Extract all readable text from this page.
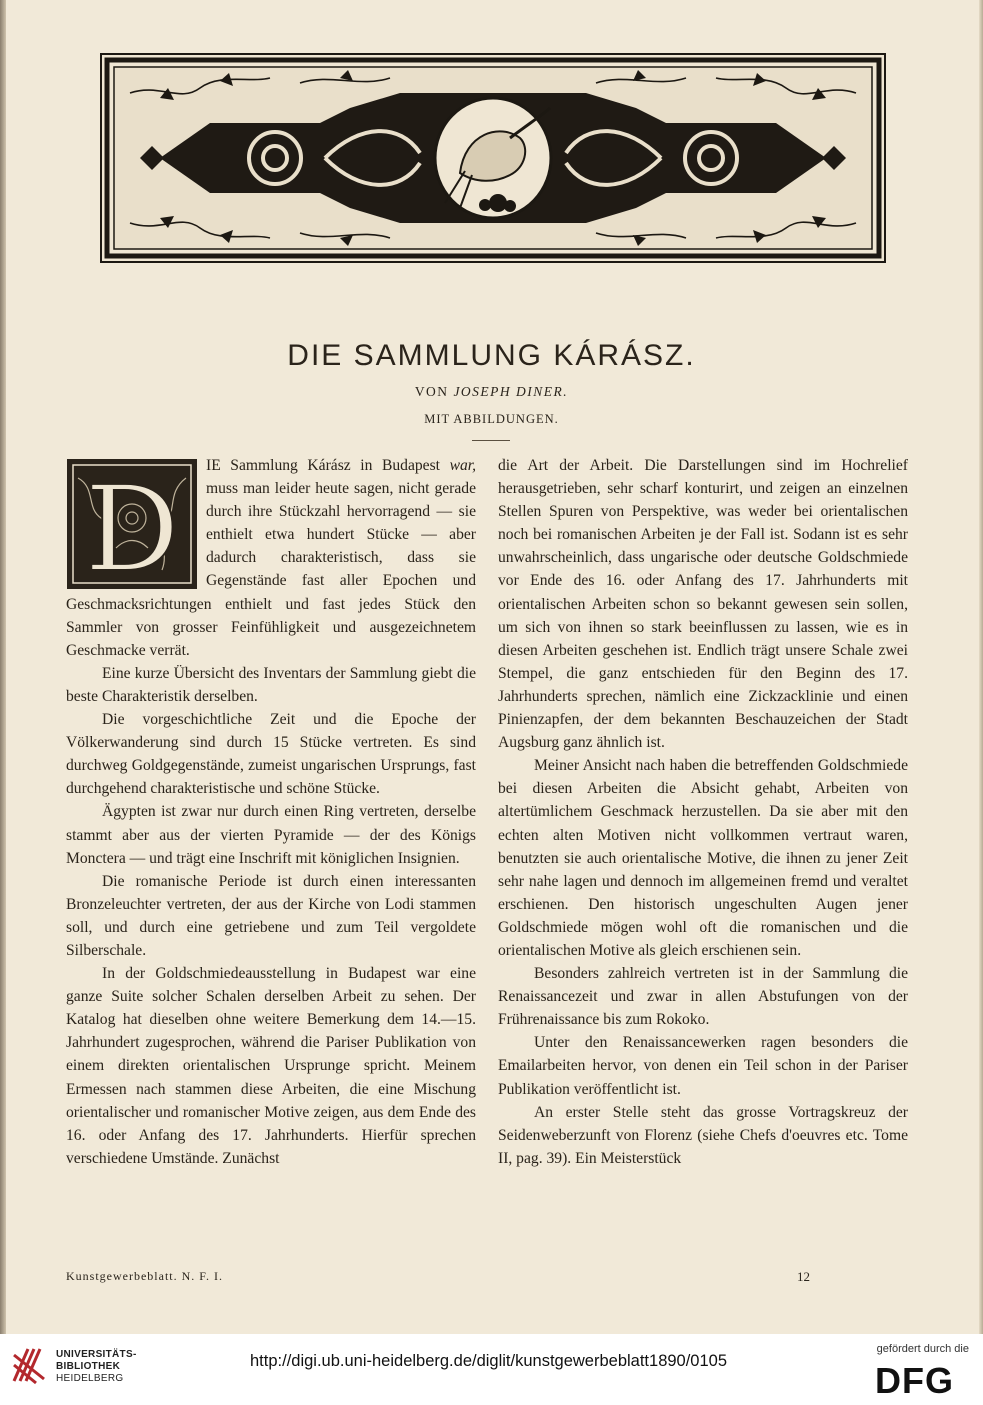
DIE SAMMLUNG KÁRÁSZ.
VON JOSEPH DINER.
MIT ABBILDUNGEN.
D	IE Sammlung Kárász in Budapest war, muss man leider heute sagen, nicht gerade durch ihre Stückzahl hervorragend — sie enthielt etwa hundert Stücke — aber dadurch charakteristisch, dass sie Gegenstände fast aller Epochen und Geschmacksrichtungen enthielt und fast jedes Stück den Sammler von grosser Feinfühligkeit und ausgezeichnetem Geschmacke verrät.

Eine kurze Übersicht des Inventars der Sammlung giebt die beste Charakteristik derselben.

Die vorgeschichtliche Zeit und die Epoche der Völkerwanderung sind durch 15 Stücke vertreten. Es sind durchweg Goldgegenstände, zumeist ungarischen Ursprungs, fast durchgehend charakteristische und schöne Stücke.

Ägypten ist zwar nur durch einen Ring vertreten, derselbe stammt aber aus der vierten Pyramide — der des Königs Monctera — und trägt eine Inschrift mit königlichen Insignien.

Die romanische Periode ist durch einen interessanten Bronzeleuchter vertreten, der aus der Kirche von Lodi stammen soll, und durch eine getriebene und zum Teil vergoldete Silberschale.

In der Goldschmiedeausstellung in Budapest war eine ganze Suite solcher Schalen derselben Arbeit zu sehen. Der Katalog hat dieselben ohne weitere Bemerkung dem 14.—15. Jahrhundert zugesprochen, während die Pariser Publikation von einem direkten orientalischen Ursprunge spricht. Meinem Ermessen nach stammen diese Arbeiten, die eine Mischung orientalischer und romanischer Motive zeigen, aus dem Ende des 16. oder Anfang des 17. Jahrhunderts. Hierfür sprechen verschiedene Umstände. Zunächst

die Art der Arbeit. Die Darstellungen sind im Hochrelief herausgetrieben, sehr scharf konturirt, und zeigen an einzelnen Stellen Spuren von Perspektive, was weder bei orientalischen noch bei romanischen Arbeiten je der Fall ist. Sodann ist es sehr unwahrscheinlich, dass ungarische oder deutsche Goldschmiede vor Ende des 16. oder Anfang des 17. Jahrhunderts mit orientalischen Arbeiten schon so bekannt gewesen sein sollen, um sich von ihnen so stark beeinflussen zu lassen, wie es in diesen Arbeiten geschehen ist. Endlich trägt unsere Schale zwei Stempel, die ganz entschieden für den Beginn des 17. Jahrhunderts sprechen, nämlich eine Zickzacklinie und einen Pinienzapfen, der dem bekannten Beschauzeichen der Stadt Augsburg ganz ähnlich ist.

Meiner Ansicht nach haben die betreffenden Goldschmiede bei diesen Arbeiten die Absicht gehabt, Arbeiten von altertümlichem Geschmack herzustellen. Da sie aber mit den echten alten Motiven nicht vollkommen vertraut waren, benutzten sie auch orientalische Motive, die ihnen zu jener Zeit sehr nahe lagen und dennoch im allgemeinen fremd und veraltet erschienen. Den historisch ungeschulten Augen jener Goldschmiede mögen wohl oft die romanischen und die orientalischen Motive als gleich erschienen sein.

Besonders zahlreich vertreten ist in der Sammlung die Renaissancezeit und zwar in allen Abstufungen von der Frührenaissance bis zum Rokoko.

Unter den Renaissancewerken ragen besonders die Emailarbeiten hervor, von denen ein Teil schon in der Pariser Publikation veröffentlicht ist.

An erster Stelle steht das grosse Vortragskreuz der Seidenweberzunft von Florenz (siehe Chefs d'oeuvres etc. Tome II, pag. 39). Ein Meisterstück

Kunstgewerbeblatt. N. F. I.	12
UNIVERSITÄTS-
BIBLIOTHEK
HEIDELBERG
http://digi.ub.uni-heidelberg.de/diglit/kunstgewerbeblatt1890/0105
gefördert durch die
DFG
